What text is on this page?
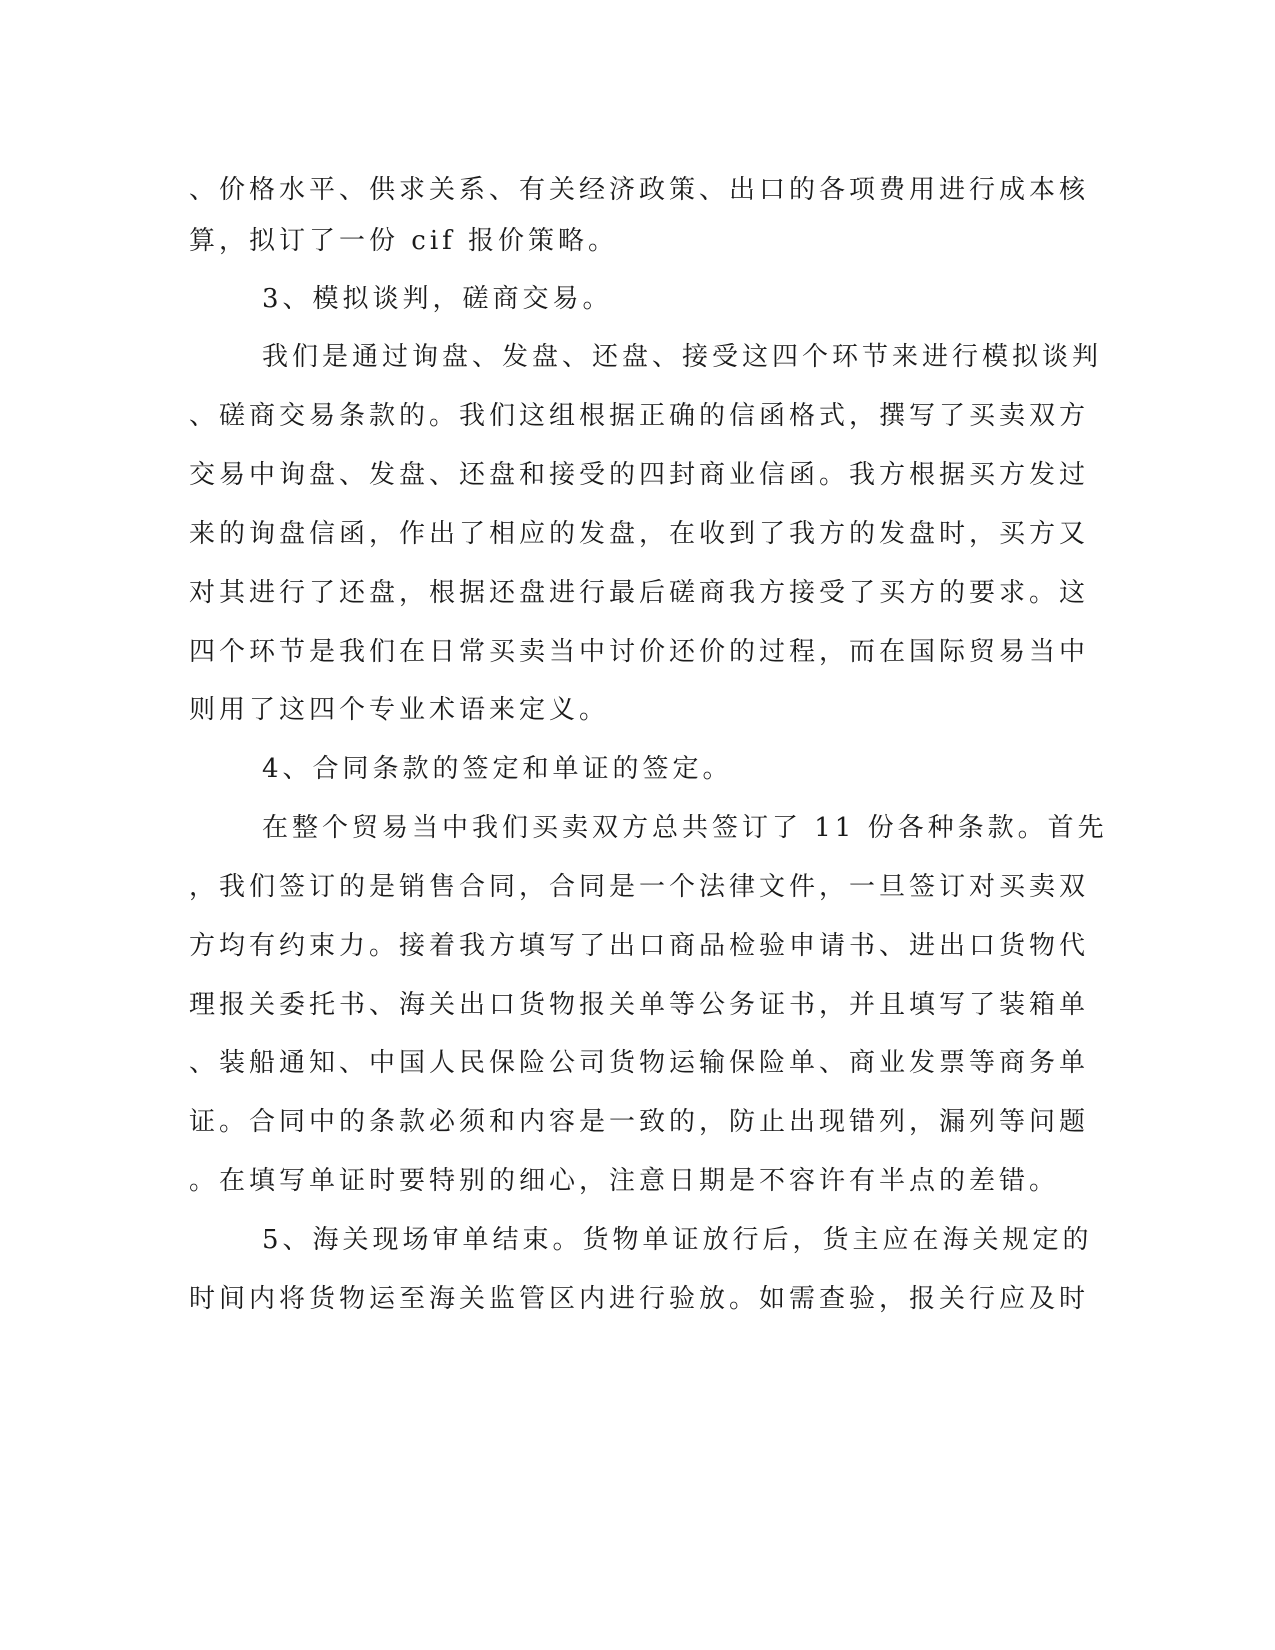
、价格水平、供求关系、有关经济政策、出口的各项费用进行成本核
算，拟订了一份 cif 报价策略。
3、模拟谈判，磋商交易。
我们是通过询盘、发盘、还盘、接受这四个环节来进行模拟谈判
、磋商交易条款的。我们这组根据正确的信函格式，撰写了买卖双方
交易中询盘、发盘、还盘和接受的四封商业信函。我方根据买方发过
来的询盘信函，作出了相应的发盘，在收到了我方的发盘时，买方又
对其进行了还盘，根据还盘进行最后磋商我方接受了买方的要求。这
四个环节是我们在日常买卖当中讨价还价的过程，而在国际贸易当中
则用了这四个专业术语来定义。
4、合同条款的签定和单证的签定。
在整个贸易当中我们买卖双方总共签订了 11 份各种条款。首先
，我们签订的是销售合同，合同是一个法律文件，一旦签订对买卖双
方均有约束力。接着我方填写了出口商品检验申请书、进出口货物代
理报关委托书、海关出口货物报关单等公务证书，并且填写了装箱单
、装船通知、中国人民保险公司货物运输保险单、商业发票等商务单
证。合同中的条款必须和内容是一致的，防止出现错列，漏列等问题
。在填写单证时要特别的细心，注意日期是不容许有半点的差错。
5、海关现场审单结束。货物单证放行后，货主应在海关规定的
时间内将货物运至海关监管区内进行验放。如需查验，报关行应及时
